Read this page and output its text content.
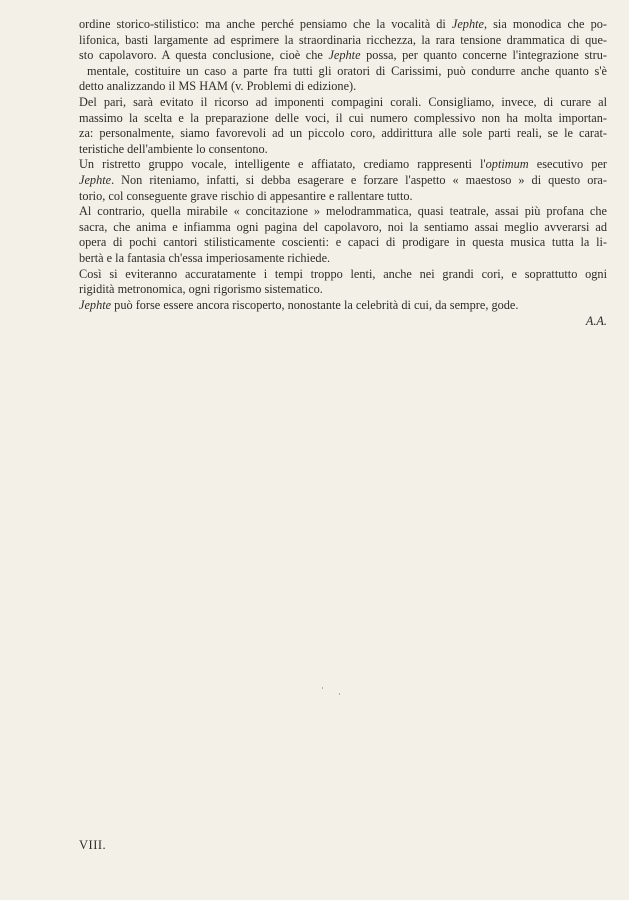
ordine storico-stilistico: ma anche perché pensiamo che la vocalità di Jephte, sia monodica che po-
lifonica, basti largamente ad esprimere la straordinaria ricchezza, la rara tensione drammatica di que-
sto capolavoro. A questa conclusione, cioè che Jephte possa, per quanto concerne l'integrazione stru-
mentale, costituire un caso a parte fra tutti gli oratori di Carissimi, può condurre anche quanto s'è
detto analizzando il MS HAM (v. Problemi di edizione).
Del pari, sarà evitato il ricorso ad imponenti compagini corali. Consigliamo, invece, di curare al
massimo la scelta e la preparazione delle voci, il cui numero complessivo non ha molta importan-
za: personalmente, siamo favorevoli ad un piccolo coro, addirittura alle sole parti reali, se le carat-
teristiche dell'ambiente lo consentono.
Un ristretto gruppo vocale, intelligente e affiatato, crediamo rappresenti l'optimum esecutivo per
Jephte. Non riteniamo, infatti, si debba esagerare e forzare l'aspetto « maestoso » di questo ora-
torio, col conseguente grave rischio di appesantire e rallentare tutto.
Al contrario, quella mirabile « concitazione » melodrammatica, quasi teatrale, assai più profana che
sacra, che anima e infiamma ogni pagina del capolavoro, noi la sentiamo assai meglio avverarsi ad
opera di pochi cantori stilisticamente coscienti: e capaci di prodigare in questa musica tutta la li-
bertà e la fantasia ch'essa imperiosamente richiede.
Così si eviteranno accuratamente i tempi troppo lenti, anche nei grandi cori, e soprattutto ogni
rigidità metronomica, ogni rigorismo sistematico.
Jephte può forse essere ancora riscoperto, nonostante la celebrità di cui, da sempre, gode.
A.A.
VIII.
